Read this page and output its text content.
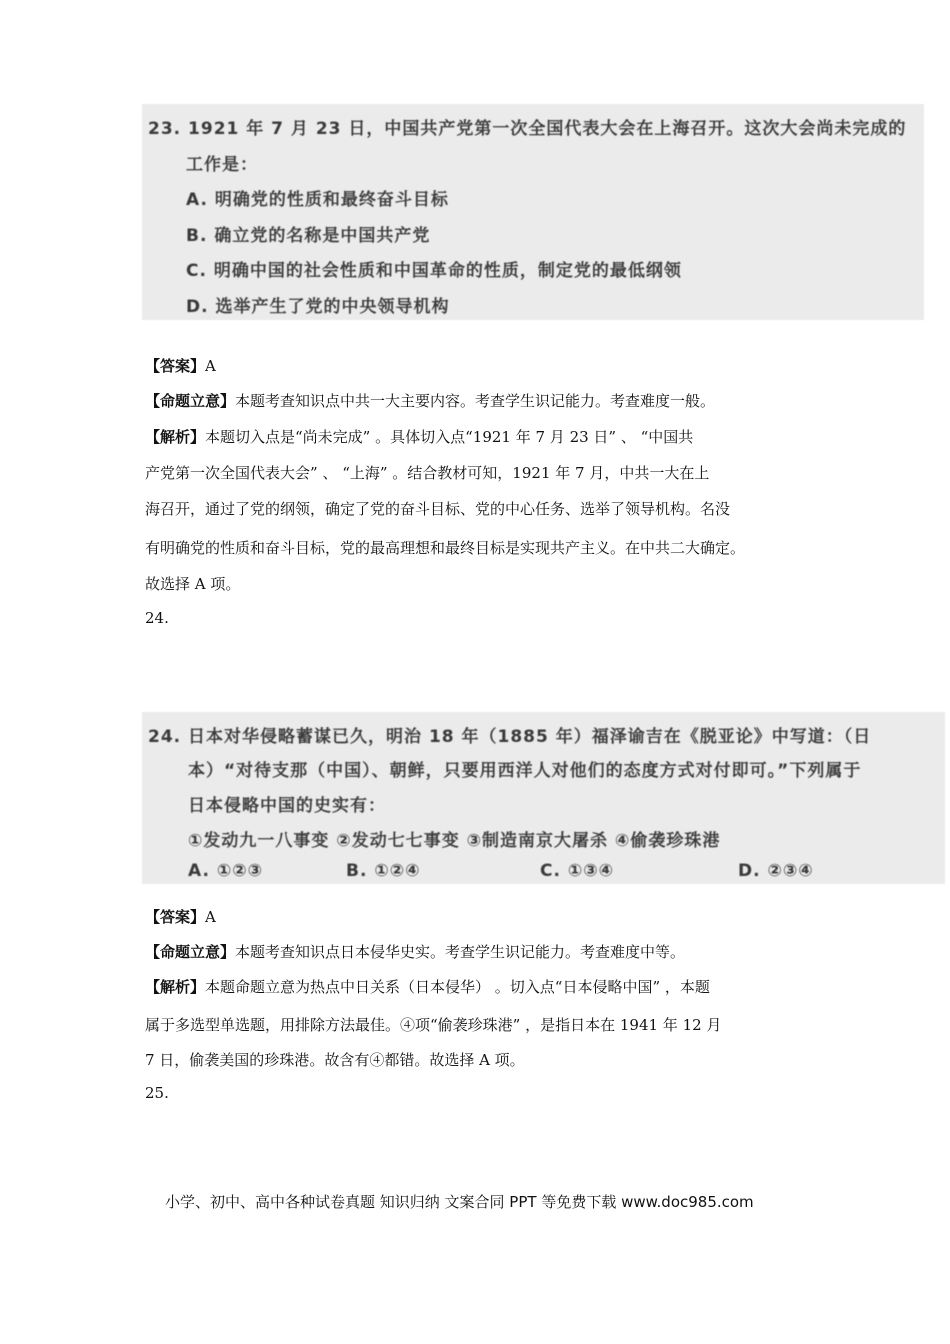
23. 1921 年 7 月 23 日，中国共产党第一次全国代表大会在上海召开。这次大会尚未完成的
工作是：
A. 明确党的性质和最终奋斗目标
B. 确立党的名称是中国共产党
C. 明确中国的社会性质和中国革命的性质，制定党的最低纲领
D. 选举产生了党的中央领导机构
【答案】A
【命题立意】本题考查知识点中共一大主要内容。考查学生识记能力。考查难度一般。
【解析】本题切入点是“尚未完成” 。具体切入点“1921 年 7 月 23 日” 、 “中国共
产党第一次全国代表大会” 、 “上海” 。结合教材可知，1921 年 7 月，中共一大在上
海召开，通过了党的纲领，确定了党的奋斗目标、党的中心任务、选举了领导机构。名没
有明确党的性质和奋斗目标，党的最高理想和最终目标是实现共产主义。在中共二大确定。
故选择 A 项。
24.
24. 日本对华侵略蓄谋已久，明治 18 年（1885 年）福泽谕吉在《脱亚论》中写道：（日
本）“对待支那（中国）、朝鲜，只要用西洋人对他们的态度方式对付即可。”下列属于
日本侵略中国的史实有：
①发动九一八事变 ②发动七七事变 ③制造南京大屠杀 ④偷袭珍珠港
A. ①②③	B. ①②④	C. ①③④	D. ②③④
【答案】A
【命题立意】本题考查知识点日本侵华史实。考查学生识记能力。考查难度中等。
【解析】本题命题立意为热点中日关系（日本侵华） 。切入点“日本侵略中国” ，本题
属于多选型单选题，用排除方法最佳。④项“偷袭珍珠港” ，是指日本在 1941 年 12 月
7 日，偷袭美国的珍珠港。故含有④都错。故选择 A 项。
25.
小学、初中、高中各种试卷真题 知识归纳 文案合同 PPT 等免费下载 www.doc985.com
